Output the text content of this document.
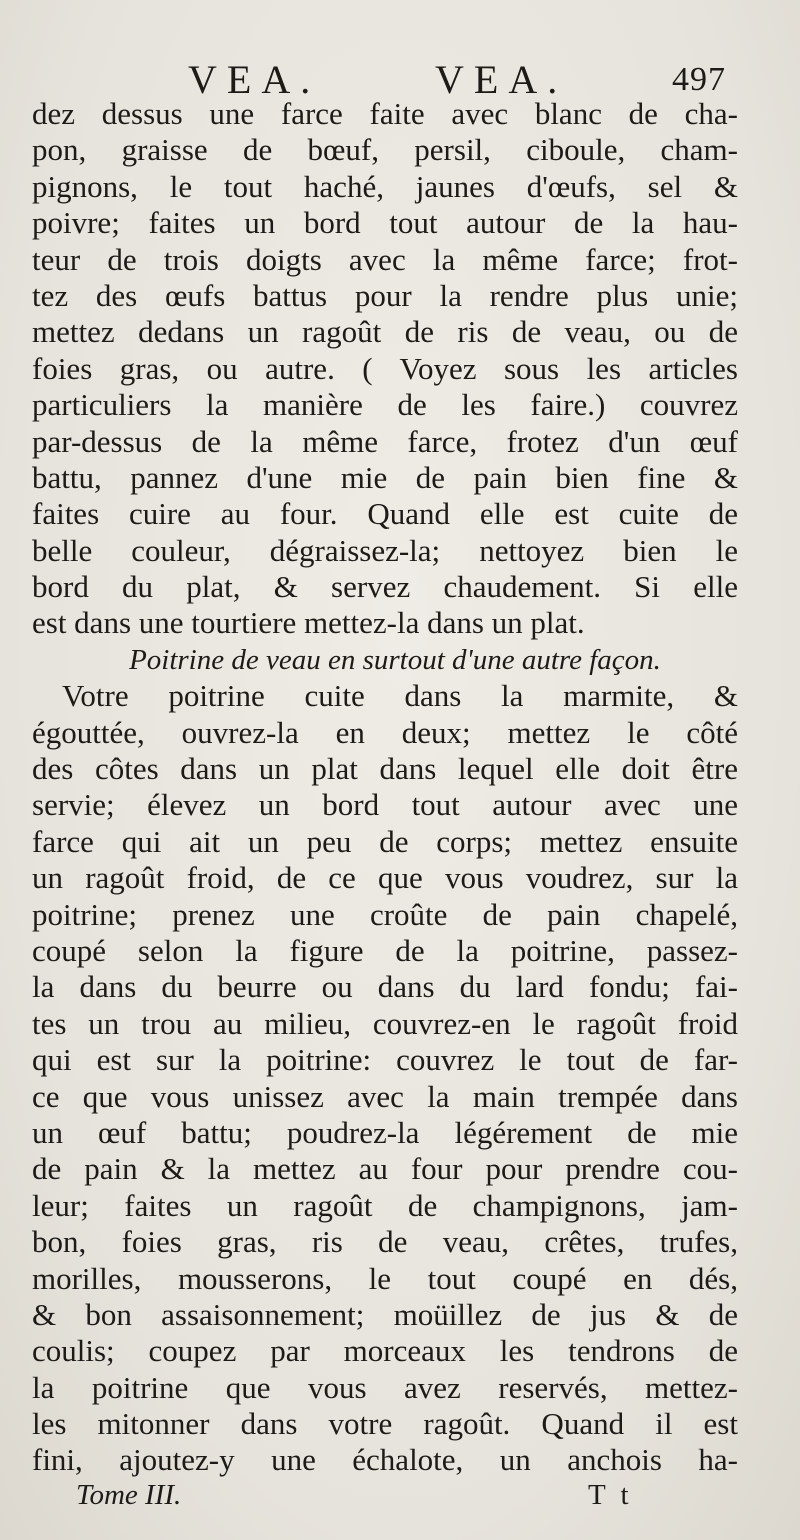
VEA.	VEA.	497
dez dessus une farce faite avec blanc de cha-
pon, graisse de bœuf, persil, ciboule, cham-
pignons, le tout haché, jaunes d'œufs, sel &
poivre; faites un bord tout autour de la hau-
teur de trois doigts avec la même farce; frot-
tez des œufs battus pour la rendre plus unie;
mettez dedans un ragoût de ris de veau, ou de
foies gras, ou autre. ( Voyez sous les articles
particuliers la manière de les faire.) couvrez
par-dessus de la même farce, frotez d'un œuf
battu, pannez d'une mie de pain bien fine &
faites cuire au four. Quand elle est cuite de
belle couleur, dégraissez-la; nettoyez bien le
bord du plat, & servez chaudement. Si elle
est dans une tourtiere mettez-la dans un plat.
Poitrine de veau en surtout d'une autre façon.
Votre poitrine cuite dans la marmite, &
égouttée, ouvrez-la en deux; mettez le côté
des côtes dans un plat dans lequel elle doit être
servie; élevez un bord tout autour avec une
farce qui ait un peu de corps; mettez ensuite
un ragoût froid, de ce que vous voudrez, sur la
poitrine; prenez une croûte de pain chapelé,
coupé selon la figure de la poitrine, passez-
la dans du beurre ou dans du lard fondu; fai-
tes un trou au milieu, couvrez-en le ragoût froid
qui est sur la poitrine: couvrez le tout de far-
ce que vous unissez avec la main trempée dans
un œuf battu; poudrez-la légérement de mie
de pain & la mettez au four pour prendre cou-
leur; faites un ragoût de champignons, jam-
bon, foies gras, ris de veau, crêtes, trufes,
morilles, mousserons, le tout coupé en dés,
& bon assaisonnement; moüillez de jus & de
coulis; coupez par morceaux les tendrons de
la poitrine que vous avez reservés, mettez-
les mitonner dans votre ragoût. Quand il est
fini, ajoutez-y une échalote, un anchois ha-
Tome III.	T t
